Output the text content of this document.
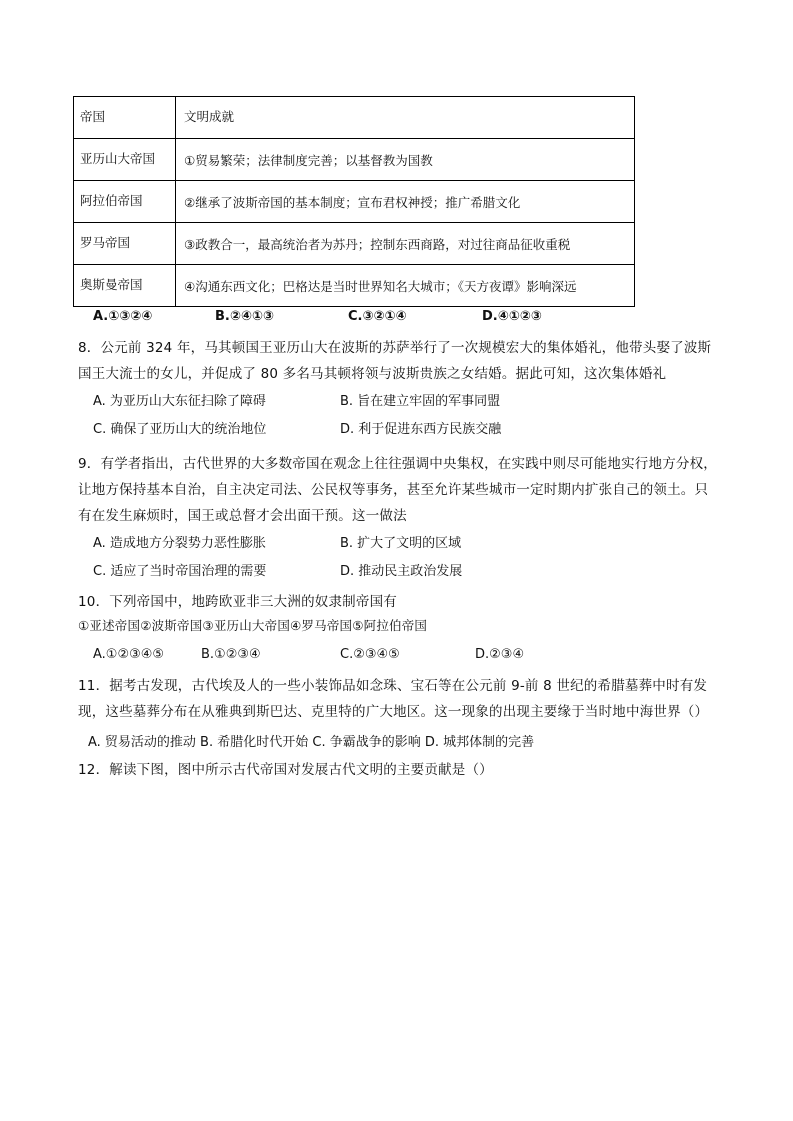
帝国	文明成就
亚历山大帝国	①贸易繁荣；法律制度完善；以基督教为国教
阿拉伯帝国	②继承了波斯帝国的基本制度；宣布君权神授；推广希腊文化
罗马帝国	③政教合一，最高统治者为苏丹；控制东西商路，对过往商品征收重税
奥斯曼帝国	④沟通东西文化；巴格达是当时世界知名大城市；《天方夜谭》影响深远
A.①③②④	B.②④①③	C.③②①④	D.④①②③
8．公元前 324 年，马其顿国王亚历山大在波斯的苏萨举行了一次规模宏大的集体婚礼，他带头娶了波斯
国王大流士的女儿，并促成了 80 多名马其顿将领与波斯贵族之女结婚。据此可知，这次集体婚礼
A. 为亚历山大东征扫除了障碍	B. 旨在建立牢固的军事同盟
C. 确保了亚历山大的统治地位	D. 利于促进东西方民族交融
9．有学者指出，古代世界的大多数帝国在观念上往往强调中央集权，在实践中则尽可能地实行地方分权，
让地方保持基本自治，自主决定司法、公民权等事务，甚至允许某些城市一定时期内扩张自己的领土。只
有在发生麻烦时，国王或总督才会出面干预。这一做法
A. 造成地方分裂势力恶性膨胀	B. 扩大了文明的区域
C. 适应了当时帝国治理的需要	D. 推动民主政治发展
10．下列帝国中，地跨欧亚非三大洲的奴隶制帝国有
①亚述帝国②波斯帝国③亚历山大帝国④罗马帝国⑤阿拉伯帝国
A.①②③④⑤	B.①②③④	C.②③④⑤	D.②③④
11．据考古发现，古代埃及人的一些小装饰品如念珠、宝石等在公元前 9-前 8 世纪的希腊墓葬中时有发
现，这些墓葬分布在从雅典到斯巴达、克里特的广大地区。这一现象的出现主要缘于当时地中海世界（）
A. 贸易活动的推动 B. 希腊化时代开始 C. 争霸战争的影响 D. 城邦体制的完善
12．解读下图，图中所示古代帝国对发展古代文明的主要贡献是（）
